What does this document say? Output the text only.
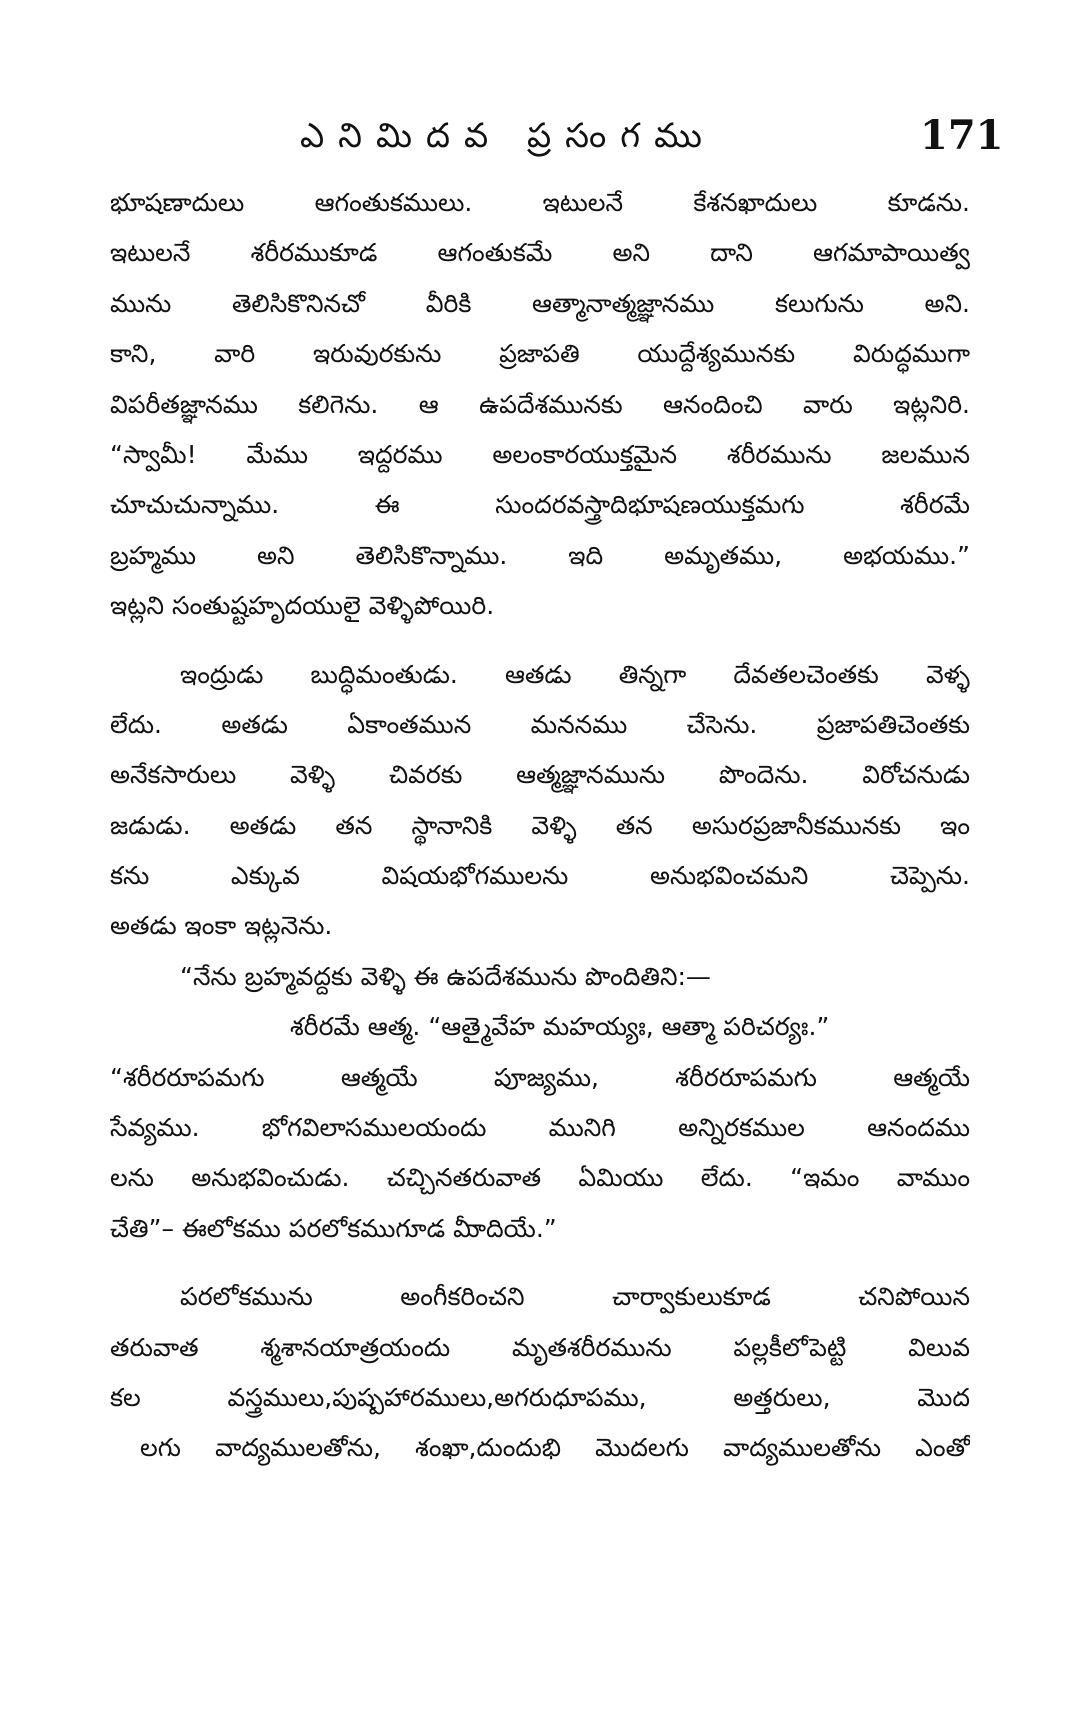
ఎనిమిదవ ప్రసంగము	171
భూషణాదులు ఆగంతుకములు. ఇటులనే కేశనఖాదులు కూడను.
ఇటులనే శరీరముకూడ ఆగంతుకమే అని దాని ఆగమాపాయిత్వ
మును తెలిసికొనినచో వీరికి ఆత్మానాత్మజ్ఞానము కలుగును అని.
కాని, వారి ఇరువురకును ప్రజాపతి యుద్దేశ్యమునకు విరుద్ధముగా
విపరీతజ్ఞానము కలిగెను. ఆ ఉపదేశమునకు ఆనందించి వారు ఇట్లనిరి.
“స్వామీ! మేము ఇద్దరము అలంకారయుక్తమైన శరీరమును జలమున
చూచుచున్నాము. ఈ సుందరవస్త్రాదిభూషణయుక్తమగు శరీరమే
బ్రహ్మము అని తెలిసికొన్నాము. ఇది అమృతము, అభయము.”
ఇట్లని సంతుష్టహృదయులై వెళ్ళిపోయిరి.
ఇంద్రుడు బుద్ధిమంతుడు. ఆతడు తిన్నగా దేవతలచెంతకు వెళ్ళ
లేదు. అతడు ఏకాంతమున మననము చేసెను. ప్రజాపతిచెంతకు
అనేకసారులు వెళ్ళి చివరకు ఆత్మజ్ఞానమును పొందెను. విరోచనుడు
జడుడు. అతడు తన స్థానానికి వెళ్ళి తన అసురప్రజానీకమునకు ఇం
కను ఎక్కువ విషయభోగములను అనుభవించమని చెప్పెను.
అతడు ఇంకా ఇట్లనెను.
“నేను బ్రహ్మవద్దకు వెళ్ళి ఈ ఉపదేశమును పొందితిని:—
శరీరమే ఆత్మ. “ఆత్మైవేహ మహయ్యః, ఆత్మా పరిచర్యః.”
“శరీరరూపమగు ఆత్మయే పూజ్యము, శరీరరూపమగు ఆత్మయే
సేవ్యము. భోగవిలాసములయందు మునిగి అన్నిరకముల ఆనందము
లను అనుభవించుడు. చచ్చినతరువాత ఏమియు లేదు. “ఇమం వాముం
చేతి”– ఈలోకము పరలోకముగూడ మీాదియే.”
పరలోకమును అంగీకరించని చార్వాకులుకూడ చనిపోయిన
తరువాత శ్మశానయాత్రయందు మృతశరీరమును పల్లకీలోపెట్టి విలువ
కల వస్త్రములు,పుష్పహారములు,అగరుధూపము, అత్తరులు, మొద
లగు వాద్యములతోను, శంఖా,దుందుభి మొదలగు వాద్యములతోను ఎంతో
